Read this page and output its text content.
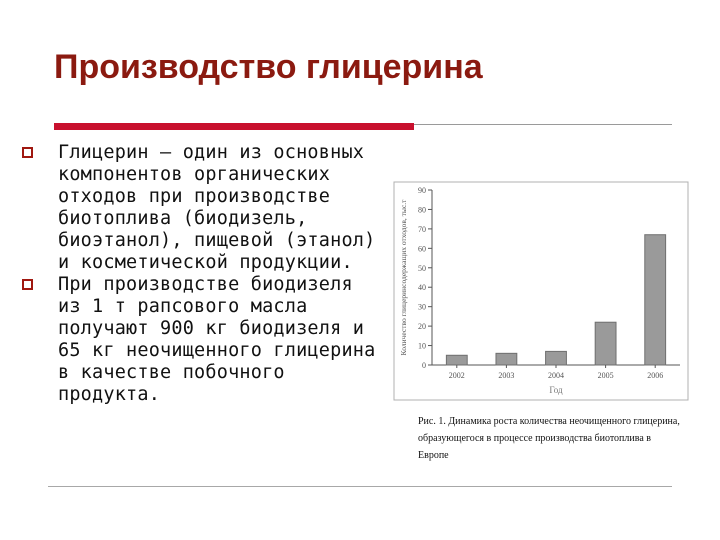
Производство глицерина
Глицерин — один из основных компонентов органических отходов при производстве биотоплива (биодизель, биоэтанол), пищевой (этанол) и косметической продукции.
При производстве биодизеля из 1 т рапсового масла получают 900 кг биодизеля и 65 кг неочищенного глицерина в качестве побочного продукта.
0
10
20
30
40
50
60
70
80
90
2002	2003	2004	2005	2006
Год
Количество глицеринсодержащих отходов, тыс.т

Рис. 1. Динамика роста количества неочищенного глицерина, образующегося в процессе производства биотоплива в Европе
